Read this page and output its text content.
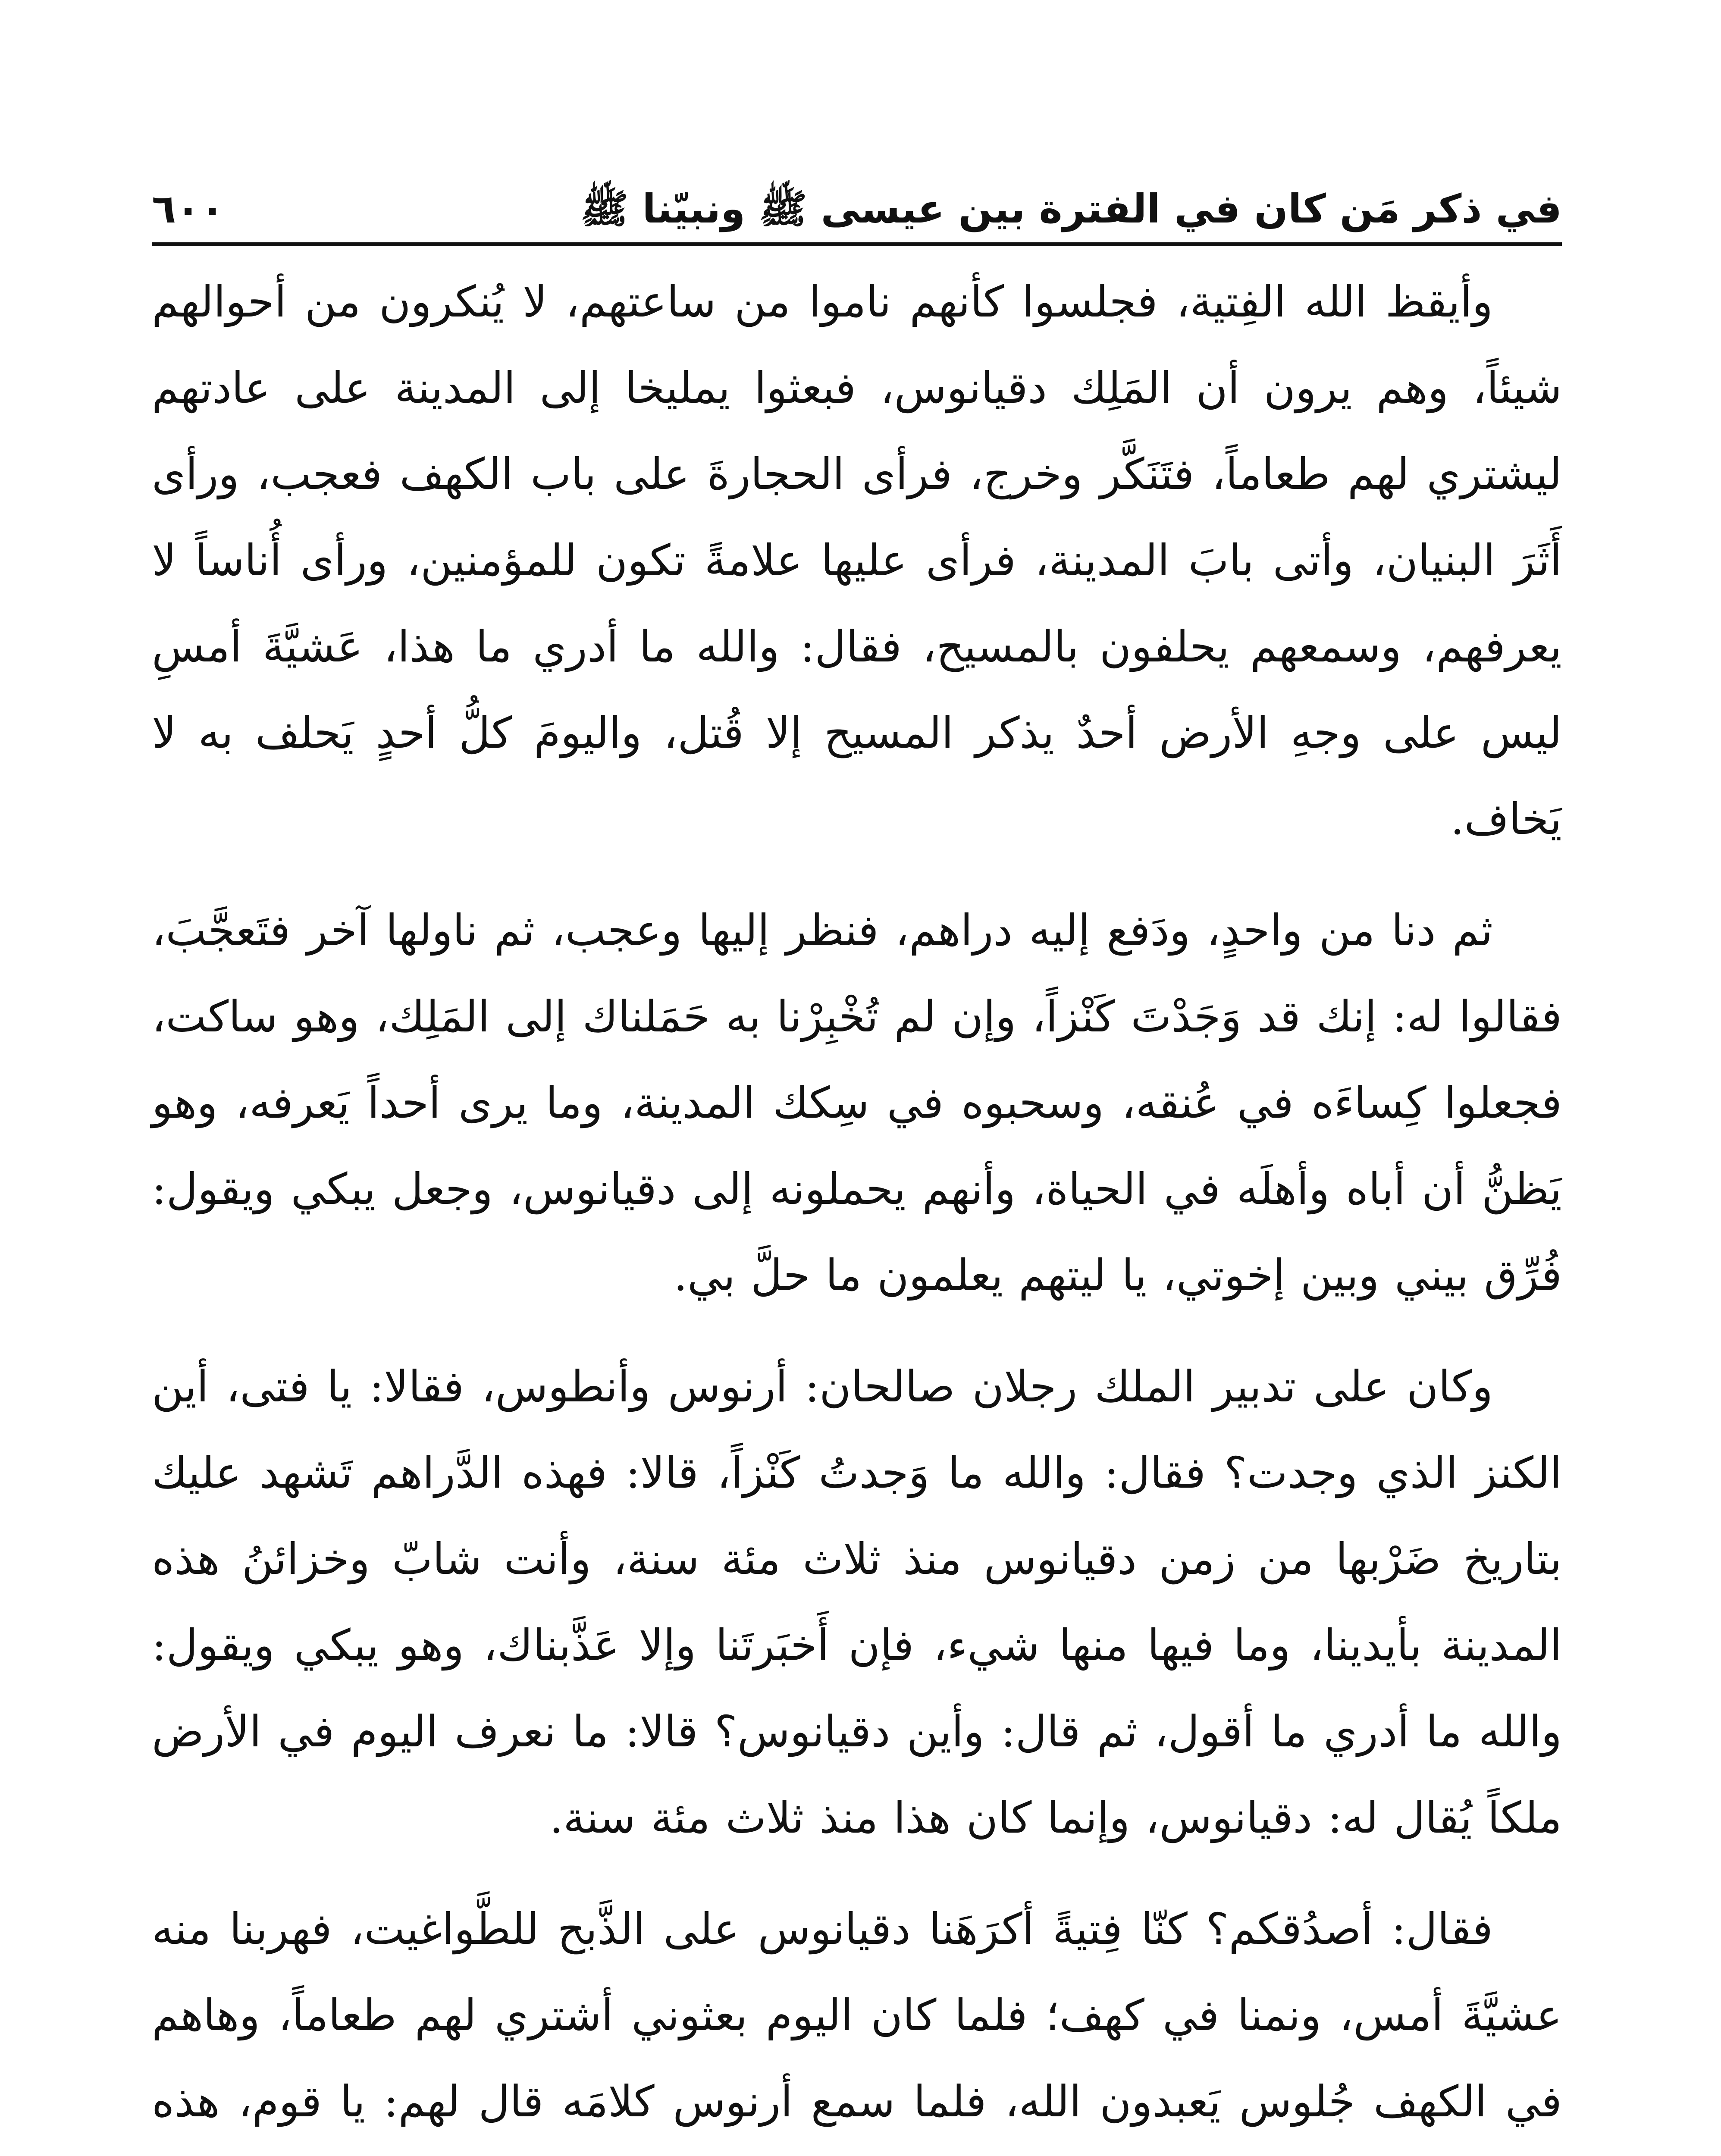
في ذكر مَن كان في الفترة بين عيسى ﷺ ونبيّنا ﷺ
٦٠٠

وأيقظ الله الفِتية، فجلسوا كأنهم ناموا من ساعتهم، لا يُنكرون من أحوالهم شيئاً، وهم يرون أن المَلِك دقيانوس، فبعثوا يمليخا إلى المدينة على عادتهم ليشتري لهم طعاماً، فتَنَكَّر وخرج، فرأى الحجارةَ على باب الكهف فعجب، ورأى أَثَرَ البنيان، وأتى بابَ المدينة، فرأى عليها علامةً تكون للمؤمنين، ورأى أُناساً لا يعرفهم، وسمعهم يحلفون بالمسيح، فقال: والله ما أدري ما هذا، عَشيَّةَ أمسِ ليس على وجهِ الأرض أحدٌ يذكر المسيح إلا قُتل، واليومَ كلُّ أحدٍ يَحلف به لا يَخاف.

ثم دنا من واحدٍ، ودَفع إليه دراهم، فنظر إليها وعجب، ثم ناولها آخر فتَعجَّبَ، فقالوا له: إنك قد وَجَدْتَ كَنْزاً، وإن لم تُخْبِرْنا به حَمَلناك إلى المَلِك، وهو ساكت، فجعلوا كِساءَه في عُنقه، وسحبوه في سِكك المدينة، وما يرى أحداً يَعرفه، وهو يَظنُّ أن أباه وأهلَه في الحياة، وأنهم يحملونه إلى دقيانوس، وجعل يبكي ويقول: فُرِّق بيني وبين إخوتي، يا ليتهم يعلمون ما حلَّ بي.

وكان على تدبير الملك رجلان صالحان: أرنوس وأنطوس، فقالا: يا فتى، أين الكنز الذي وجدت؟ فقال: والله ما وَجدتُ كَنْزاً، قالا: فهذه الدَّراهم تَشهد عليك بتاريخ ضَرْبها من زمن دقيانوس منذ ثلاث مئة سنة، وأنت شابّ وخزائنُ هذه المدينة بأيدينا، وما فيها منها شيء، فإن أَخبَرتَنا وإلا عَذَّبناك، وهو يبكي ويقول: والله ما أدري ما أقول، ثم قال: وأين دقيانوس؟ قالا: ما نعرف اليوم في الأرض ملكاً يُقال له: دقيانوس، وإنما كان هذا منذ ثلاث مئة سنة.

فقال: أصدُقكم؟ كنّا فِتيةً أكرَهَنا دقيانوس على الذَّبح للطَّواغيت، فهربنا منه عشيَّةَ أمس، ونمنا في كهف؛ فلما كان اليوم بعثوني أشتري لهم طعاماً، وهاهم في الكهف جُلوس يَعبدون الله، فلما سمع أرنوس كلامَه قال لهم: يا قوم، هذه
